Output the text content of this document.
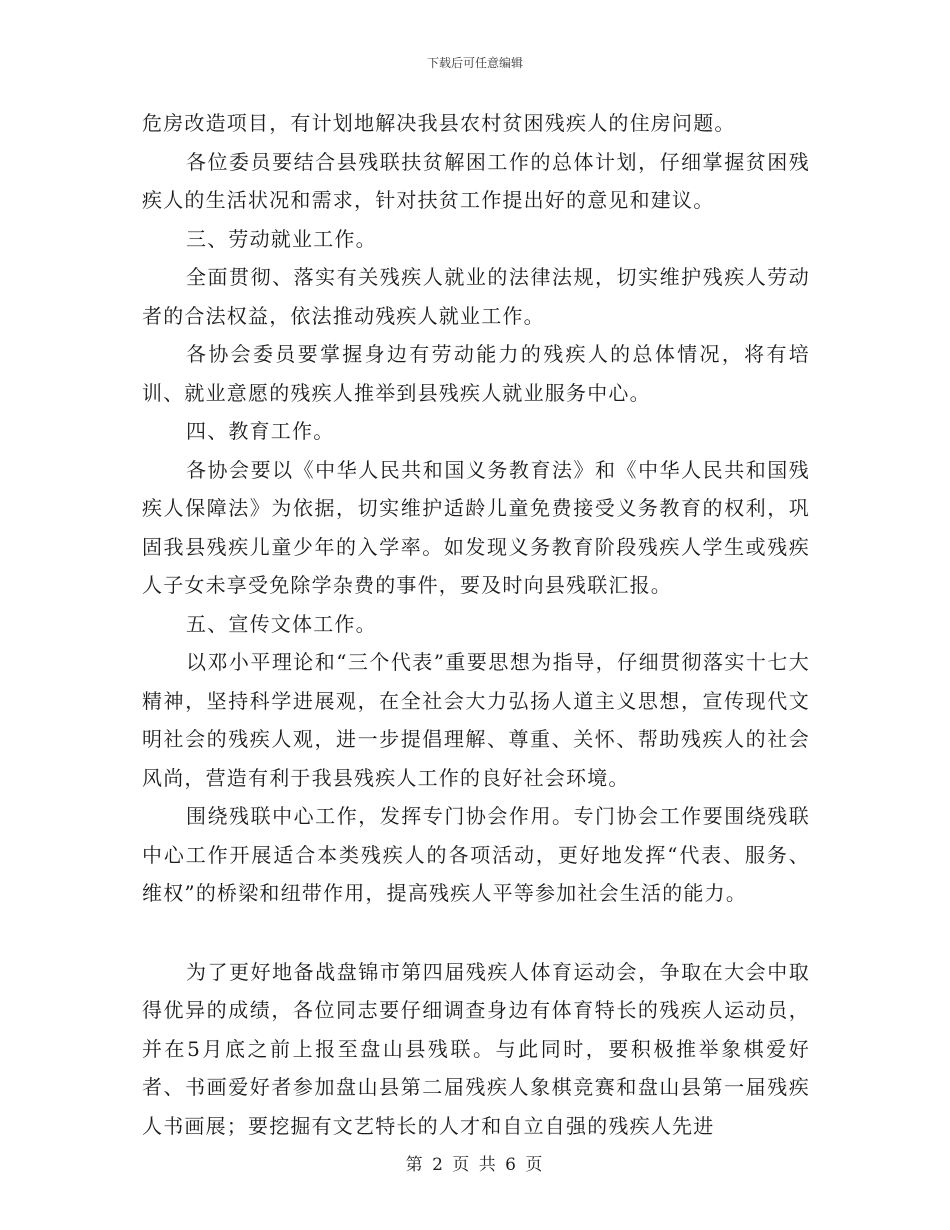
下载后可任意编辑

危房改造项目，有计划地解决我县农村贫困残疾人的住房问题。

各位委员要结合县残联扶贫解困工作的总体计划，仔细掌握贫困残疾人的生活状况和需求，针对扶贫工作提出好的意见和建议。

三、劳动就业工作。

全面贯彻、落实有关残疾人就业的法律法规，切实维护残疾人劳动者的合法权益，依法推动残疾人就业工作。

各协会委员要掌握身边有劳动能力的残疾人的总体情况，将有培训、就业意愿的残疾人推举到县残疾人就业服务中心。

四、教育工作。

各协会要以《中华人民共和国义务教育法》和《中华人民共和国残疾人保障法》为依据，切实维护适龄儿童免费接受义务教育的权利，巩固我县残疾儿童少年的入学率。如发现义务教育阶段残疾人学生或残疾人子女未享受免除学杂费的事件，要及时向县残联汇报。

五、宣传文体工作。

以邓小平理论和“三个代表”重要思想为指导，仔细贯彻落实十七大精神，坚持科学进展观，在全社会大力弘扬人道主义思想，宣传现代文明社会的残疾人观，进一步提倡理解、尊重、关怀、帮助残疾人的社会风尚，营造有利于我县残疾人工作的良好社会环境。

围绕残联中心工作，发挥专门协会作用。专门协会工作要围绕残联中心工作开展适合本类残疾人的各项活动，更好地发挥“代表、服务、维权”的桥梁和纽带作用，提高残疾人平等参加社会生活的能力。

为了更好地备战盘锦市第四届残疾人体育运动会，争取在大会中取得优异的成绩，各位同志要仔细调查身边有体育特长的残疾人运动员，并在5月底之前上报至盘山县残联。与此同时，要积极推举象棋爱好者、书画爱好者参加盘山县第二届残疾人象棋竞赛和盘山县第一届残疾人书画展；要挖掘有文艺特长的人才和自立自强的残疾人先进

第 2 页 共 6 页
